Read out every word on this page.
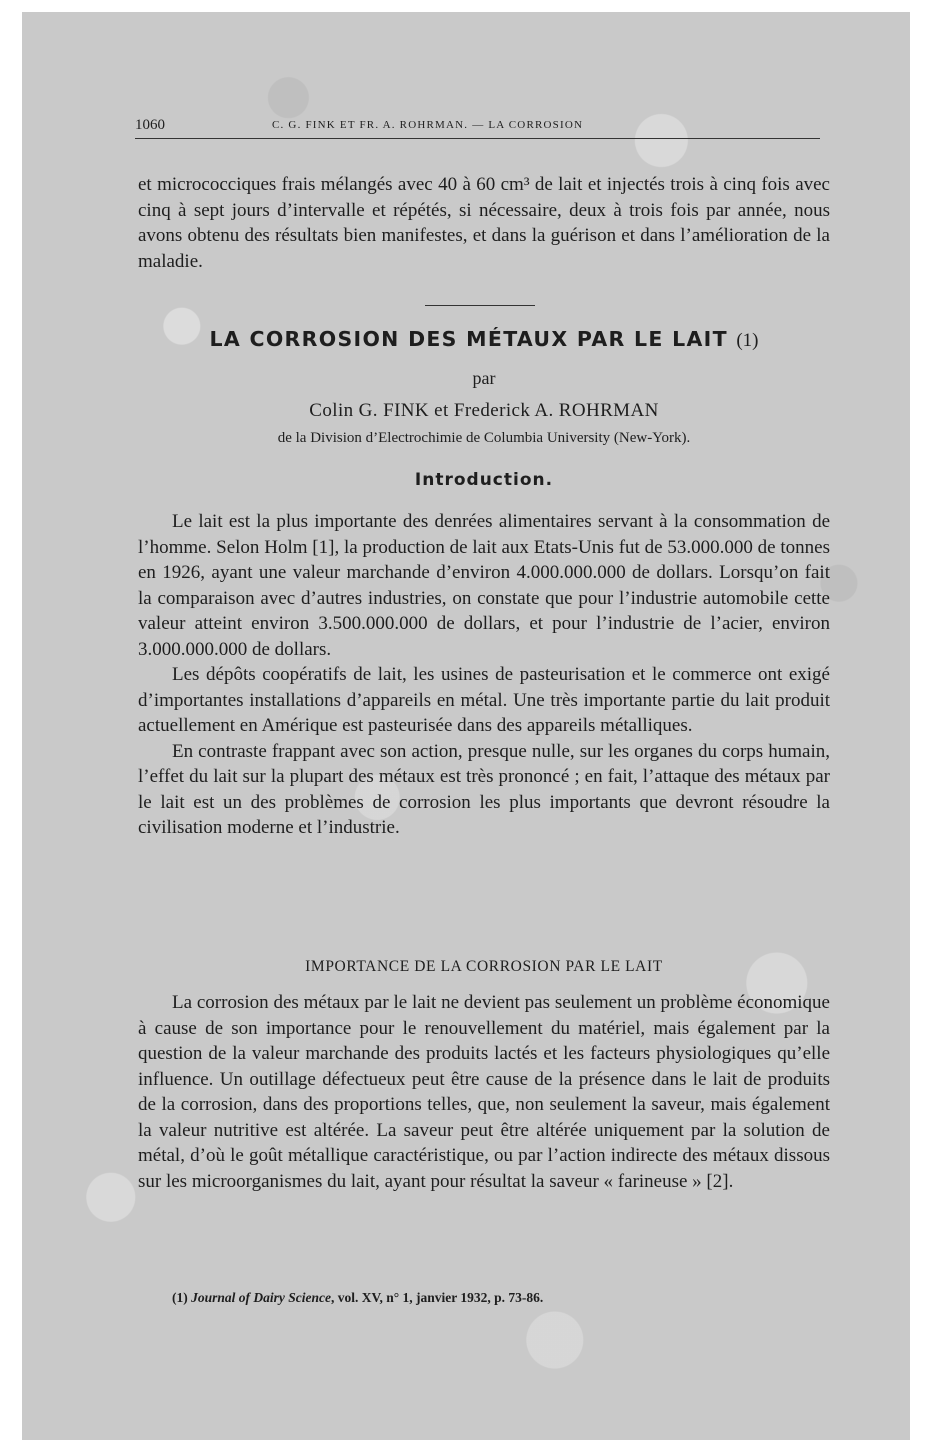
1060	C. G. FINK ET FR. A. ROHRMAN. — LA CORROSION

et micrococciques frais mélangés avec 40 à 60 cm³ de lait et injectés trois à cinq fois avec cinq à sept jours d’intervalle et répétés, si nécessaire, deux à trois fois par année, nous avons obtenu des résultats bien manifestes, et dans la guérison et dans l’amélioration de la maladie.

LA CORROSION DES MÉTAUX PAR LE LAIT (1)
par
Colin G. FINK et Frederick A. ROHRMAN
de la Division d’Electrochimie de Columbia University (New-York).
Introduction.

Le lait est la plus importante des denrées alimentaires servant à la consommation de l’homme. Selon Holm [1], la production de lait aux Etats-Unis fut de 53.000.000 de tonnes en 1926, ayant une valeur marchande d’environ 4.000.000.000 de dollars. Lorsqu’on fait la comparaison avec d’autres industries, on constate que pour l’industrie automobile cette valeur atteint environ 3.500.000.000 de dollars, et pour l’industrie de l’acier, environ 3.000.000.000 de dollars.

Les dépôts coopératifs de lait, les usines de pasteurisation et le commerce ont exigé d’importantes installations d’appareils en métal. Une très importante partie du lait produit actuellement en Amérique est pasteurisée dans des appareils métalliques.

En contraste frappant avec son action, presque nulle, sur les organes du corps humain, l’effet du lait sur la plupart des métaux est très prononcé ; en fait, l’attaque des métaux par le lait est un des problèmes de corrosion les plus importants que devront résoudre la civilisation moderne et l’industrie.

IMPORTANCE DE LA CORROSION PAR LE LAIT

La corrosion des métaux par le lait ne devient pas seulement un problème économique à cause de son importance pour le renouvellement du matériel, mais également par la question de la valeur marchande des produits lactés et les facteurs physiologiques qu’elle influence. Un outillage défectueux peut être cause de la présence dans le lait de produits de la corrosion, dans des proportions telles, que, non seulement la saveur, mais également la valeur nutritive est altérée. La saveur peut être altérée uniquement par la solution de métal, d’où le goût métallique caractéristique, ou par l’action indirecte des métaux dissous sur les microorganismes du lait, ayant pour résultat la saveur « farineuse » [2].

(1) Journal of Dairy Science, vol. XV, n° 1, janvier 1932, p. 73-86.
